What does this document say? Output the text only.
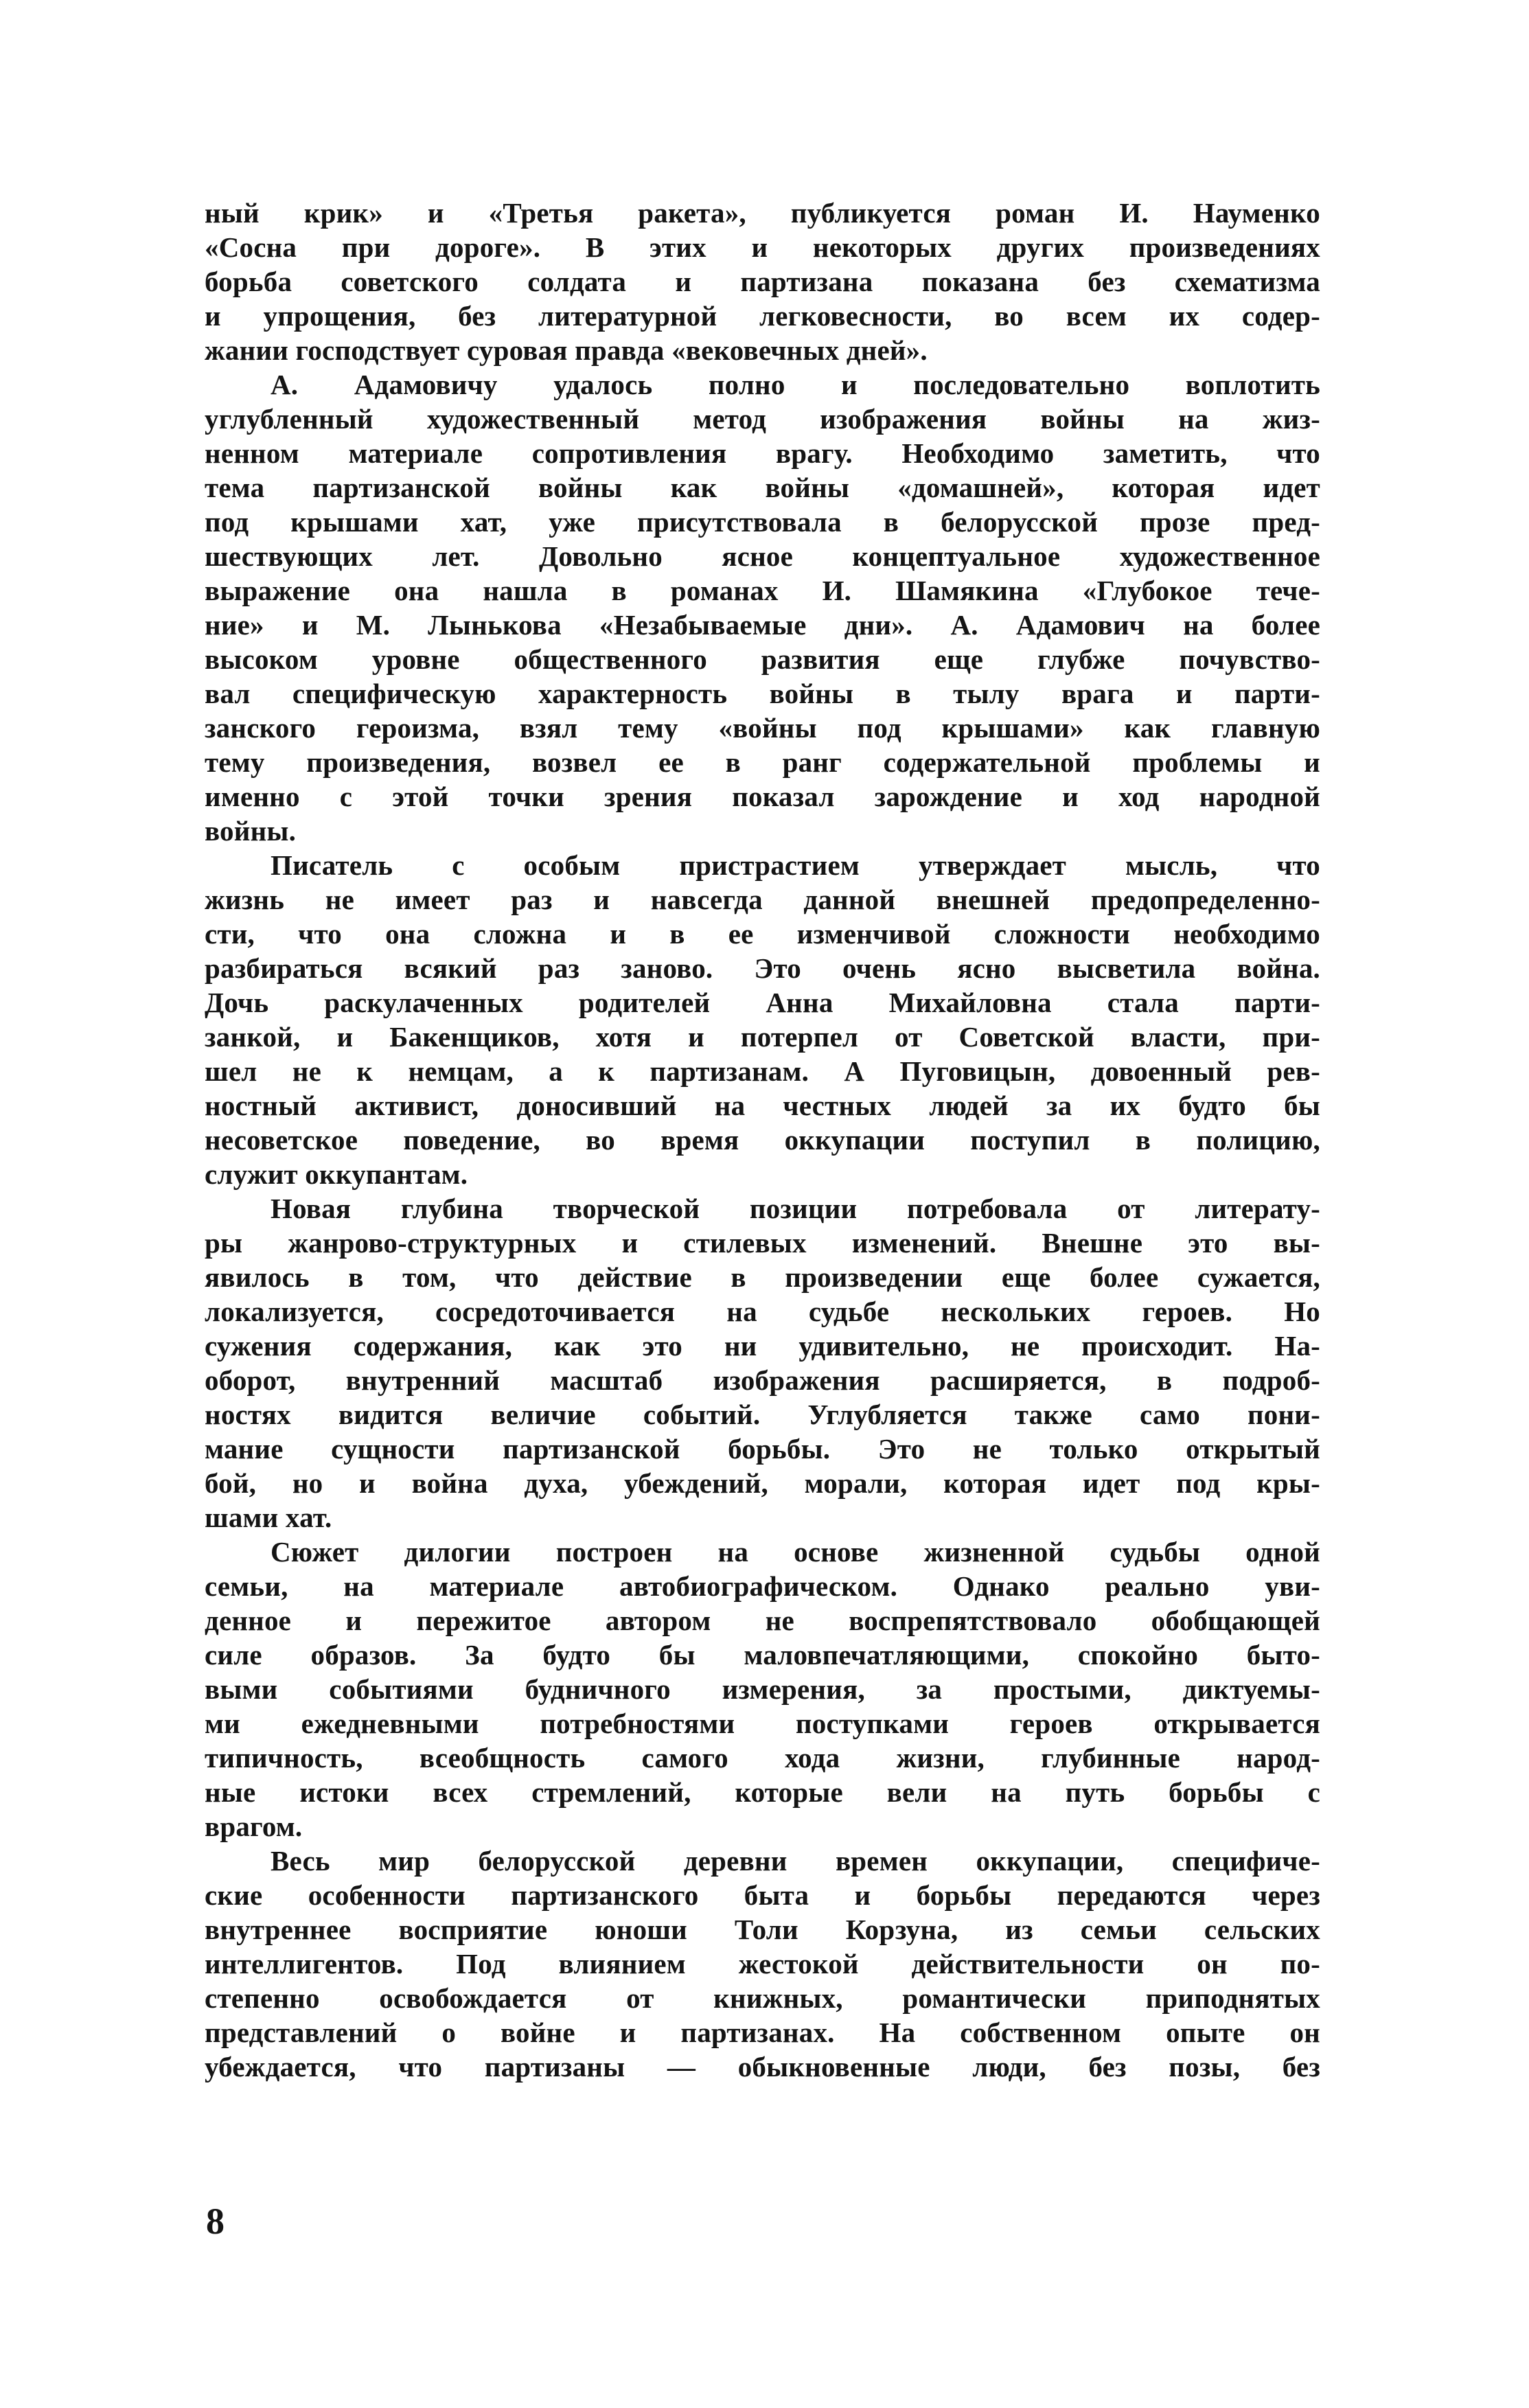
ный крик» и «Третья ракета», публикуется роман И. Науменко
«Сосна при дороге». В этих и некоторых других произведениях
борьба советского солдата и партизана показана без схематизма
и упрощения, без литературной легковесности, во всем их содер-
жании господствует суровая правда «вековечных дней».
А. Адамовичу удалось полно и последовательно воплотить
углубленный художественный метод изображения войны на жиз-
ненном материале сопротивления врагу. Необходимо заметить, что
тема партизанской войны как войны «домашней», которая идет
под крышами хат, уже присутствовала в белорусской прозе пред-
шествующих лет. Довольно ясное концептуальное художественное
выражение она нашла в романах И. Шамякина «Глубокое тече-
ние» и М. Лынькова «Незабываемые дни». А. Адамович на более
высоком уровне общественного развития еще глубже почувство-
вал специфическую характерность войны в тылу врага и парти-
занского героизма, взял тему «войны под крышами» как главную
тему произведения, возвел ее в ранг содержательной проблемы и
именно с этой точки зрения показал зарождение и ход народной
войны.
Писатель с особым пристрастием утверждает мысль, что
жизнь не имеет раз и навсегда данной внешней предопределенно-
сти, что она сложна и в ее изменчивой сложности необходимо
разбираться всякий раз заново. Это очень ясно высветила война.
Дочь раскулаченных родителей Анна Михайловна стала парти-
занкой, и Бакенщиков, хотя и потерпел от Советской власти, при-
шел не к немцам, а к партизанам. А Пуговицын, довоенный рев-
ностный активист, доносивший на честных людей за их будто бы
несоветское поведение, во время оккупации поступил в полицию,
служит оккупантам.
Новая глубина творческой позиции потребовала от литерату-
ры жанрово-структурных и стилевых изменений. Внешне это вы-
явилось в том, что действие в произведении еще более сужается,
локализуется, сосредоточивается на судьбе нескольких героев. Но
сужения содержания, как это ни удивительно, не происходит. На-
оборот, внутренний масштаб изображения расширяется, в подроб-
ностях видится величие событий. Углубляется также само пони-
мание сущности партизанской борьбы. Это не только открытый
бой, но и война духа, убеждений, морали, которая идет под кры-
шами хат.
Сюжет дилогии построен на основе жизненной судьбы одной
семьи, на материале автобиографическом. Однако реально уви-
денное и пережитое автором не воспрепятствовало обобщающей
силе образов. За будто бы маловпечатляющими, спокойно быто-
выми событиями будничного измерения, за простыми, диктуемы-
ми ежедневными потребностями поступками героев открывается
типичность, всеобщность самого хода жизни, глубинные народ-
ные истоки всех стремлений, которые вели на путь борьбы с
врагом.
Весь мир белорусской деревни времен оккупации, специфиче-
ские особенности партизанского быта и борьбы передаются через
внутреннее восприятие юноши Толи Корзуна, из семьи сельских
интеллигентов. Под влиянием жестокой действительности он по-
степенно освобождается от книжных, романтически приподнятых
представлений о войне и партизанах. На собственном опыте он
убеждается, что партизаны — обыкновенные люди, без позы, без
8
